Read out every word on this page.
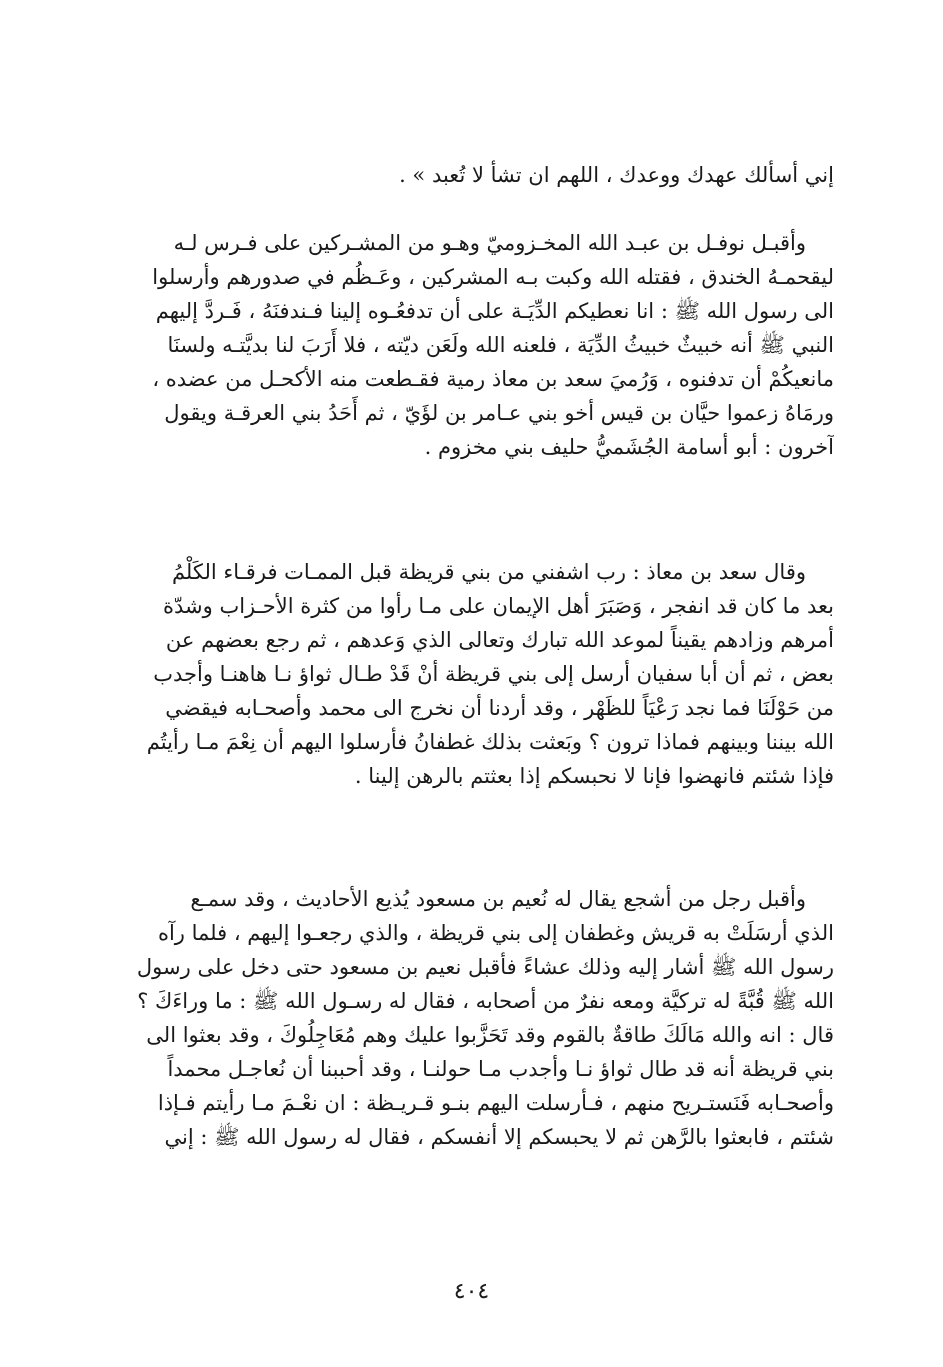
إني أسألك عهدك ووعدك ، اللهم ان تشأ لا تُعبد » .
وأقبـل نوفـل بن عبـد الله المخـزوميّ وهـو من المشـركين على فـرس لـه
ليقحمـهُ الخندق ، فقتله الله وكبت بـه المشركين ، وعَـظُم في صدورهم وأرسلوا
الى رسول الله ﷺ : انا نعطيكم الدِّيَـة على أن تدفعُـوه إلينا فـندفنَهُ ، فَـردَّ إليهم
النبي ﷺ أنه خبيثٌ خبيثُ الدِّيَة ، فلعنه الله ولَعَن ديّته ، فلا أَرَبَ لنا بديَّتـه ولسنَا
مانعيكُمْ أن تدفنوه ، وَرُميَ سعد بن معاذ رمية فقـطعت منه الأكحـل من عضده ،
ورمَاهُ زعموا حيَّان بن قيس أخو بني عـامر بن لؤَيّ ، ثم أَحَدُ بني العرقـة ويقول
آخرون : أبو أسامة الجُشَميُّ حليف بني مخزوم .
وقال سعد بن معاذ : رب اشفني من بني قريظة قبل الممـات فرقـاء الكَلْمُ
بعد ما كان قد انفجر ، وَصَبَرَ أهل الإيمان على مـا رأوا من كثرة الأحـزاب وشدّة
أمرهم وزادهم يقيناً لموعد الله تبارك وتعالى الذي وَعدهم ، ثم رجع بعضهم عن
بعض ، ثم أن أبا سفيان أرسل إلى بني قريظة أنْ قَدْ طـال ثواؤ نـا هاهنـا وأجدب
من حَوْلَنَا فما نجد رَعْيَاً للظَهْر ، وقد أردنا أن نخرج الى محمد وأصحـابه فيقضي
الله بيننا وبينهم فماذا ترون ؟ وبَعثت بذلك غطفانُ فأرسلوا اليهم أن نِعْمَ مـا رأيتُم
فإذا شئتم فانهضوا فإنا لا نحبسكم إذا بعثتم بالرهن إلينا .
وأقبل رجل من أشجع يقال له نُعيم بن مسعود يُذيع الأحاديث ، وقد سمـع
الذي أرسَلَتْ به قريش وغطفان إلى بني قريظة ، والذي رجعـوا إليهم ، فلما رآه
رسول الله ﷺ أشار إليه وذلك عشاءً فأقبل نعيم بن مسعود حتى دخل على رسول
الله ﷺ قُبَّةً له تركيَّة ومعه نفرٌ من أصحابه ، فقال له رسـول الله ﷺ : ما وراءَكَ ؟
قال : انه والله مَالَكَ طاقةٌ بالقوم وقد تَحَزَّبوا عليك وهم مُعَاجِلُوكَ ، وقد بعثوا الى
بني قريظة أنه قد طال ثواؤ نـا وأجدب مـا حولنـا ، وقد أحببنا أن نُعاجـل محمداً
وأصحـابه فَنَستـريح منهم ، فـأرسلت اليهم بنـو قـريـظة : ان نعْـمَ مـا رأيتم فـإذا
شئتم ، فابعثوا بالرَّهن ثم لا يحبسكم إلا أنفسكم ، فقال له رسول الله ﷺ : إني
٤٠٤
